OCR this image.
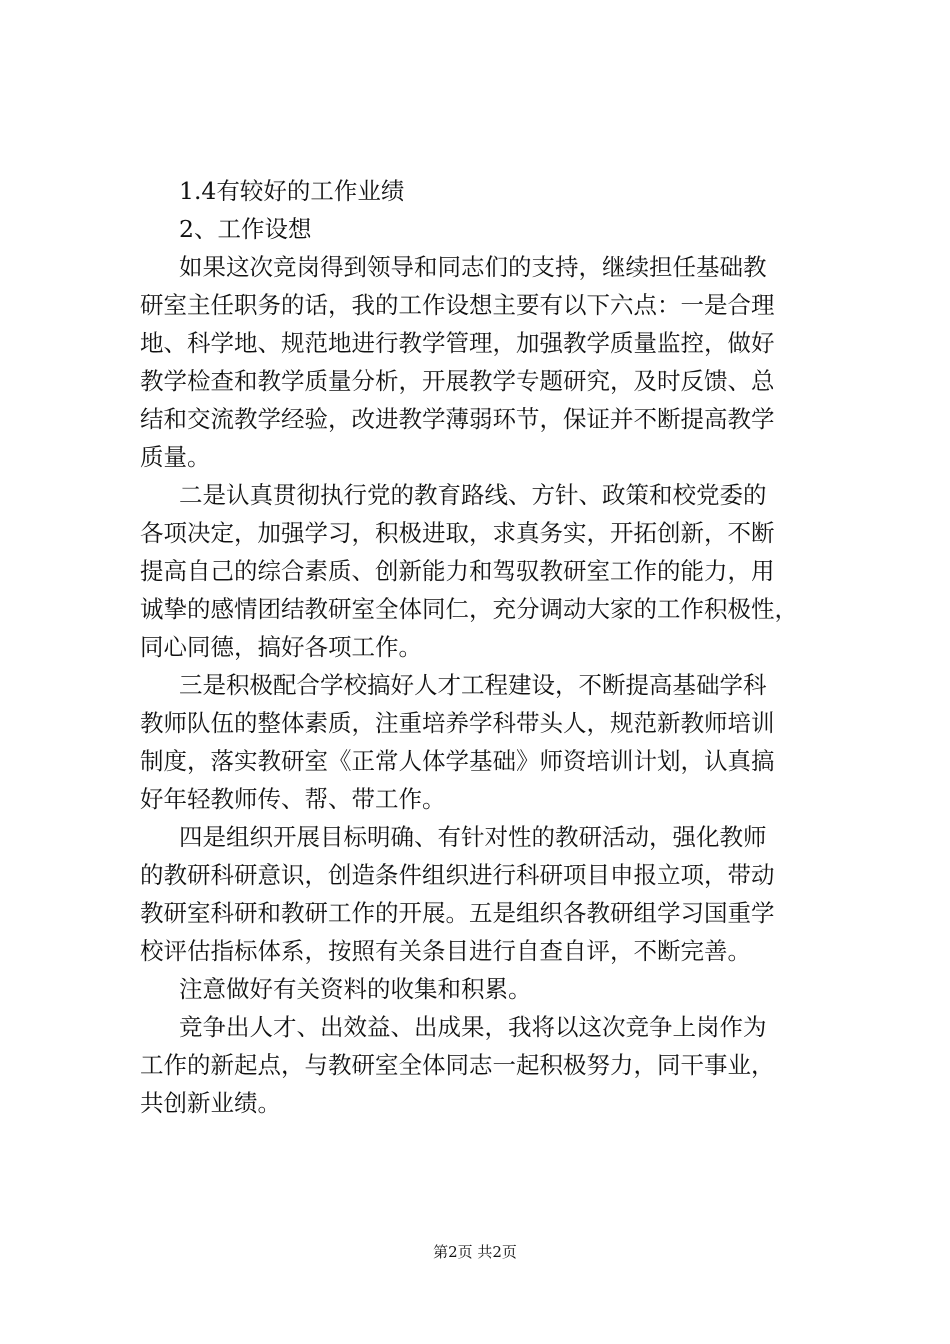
1.4有较好的工作业绩
2、工作设想
如果这次竞岗得到领导和同志们的支持，继续担任基础教
研室主任职务的话，我的工作设想主要有以下六点：一是合理
地、科学地、规范地进行教学管理，加强教学质量监控，做好
教学检查和教学质量分析，开展教学专题研究，及时反馈、总
结和交流教学经验，改进教学薄弱环节，保证并不断提高教学
质量。
二是认真贯彻执行党的教育路线、方针、政策和校党委的
各项决定，加强学习，积极进取，求真务实，开拓创新，不断
提高自己的综合素质、创新能力和驾驭教研室工作的能力，用
诚挚的感情团结教研室全体同仁，充分调动大家的工作积极性，
同心同德，搞好各项工作。
三是积极配合学校搞好人才工程建设，不断提高基础学科
教师队伍的整体素质，注重培养学科带头人，规范新教师培训
制度，落实教研室《正常人体学基础》师资培训计划，认真搞
好年轻教师传、帮、带工作。
四是组织开展目标明确、有针对性的教研活动，强化教师
的教研科研意识，创造条件组织进行科研项目申报立项，带动
教研室科研和教研工作的开展。五是组织各教研组学习国重学
校评估指标体系，按照有关条目进行自查自评，不断完善。
注意做好有关资料的收集和积累。
竞争出人才、出效益、出成果，我将以这次竞争上岗作为
工作的新起点，与教研室全体同志一起积极努力，同干事业，
共创新业绩。
第2页 共2页
